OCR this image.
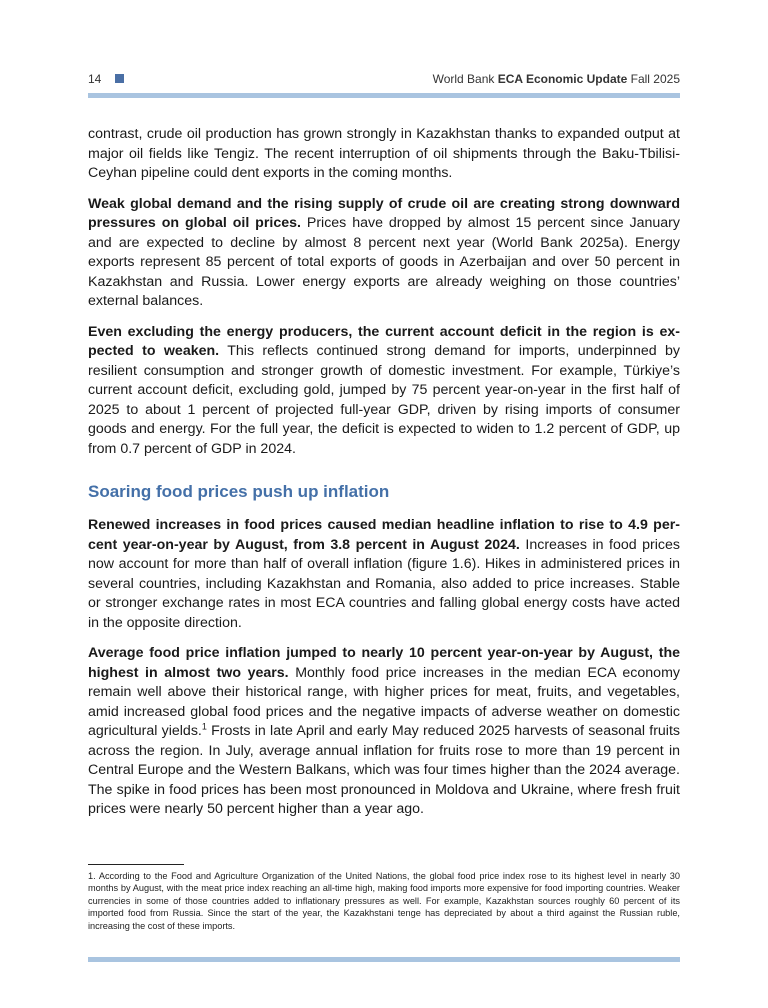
14	World Bank ECA Economic Update Fall 2025

contrast, crude oil production has grown strongly in Kazakhstan thanks to expanded output at major oil fields like Tengiz. The recent interruption of oil shipments through the Baku-Tbilisi-Ceyhan pipeline could dent exports in the coming months.

Weak global demand and the rising supply of crude oil are creating strong downward pressures on global oil prices. Prices have dropped by almost 15 percent since January and are expected to decline by almost 8 percent next year (World Bank 2025a). Energy exports represent 85 percent of total exports of goods in Azerbaijan and over 50 percent in Kazakhstan and Russia. Lower energy exports are already weighing on those countries’ external balances.

Even excluding the energy producers, the current account deficit in the region is expected to weaken. This reflects continued strong demand for imports, underpinned by resilient consumption and stronger growth of domestic investment. For example, Türkiye’s current account deficit, excluding gold, jumped by 75 percent year-on-year in the first half of 2025 to about 1 percent of projected full-year GDP, driven by rising imports of consumer goods and energy. For the full year, the deficit is expected to widen to 1.2 percent of GDP, up from 0.7 percent of GDP in 2024.

Soaring food prices push up inflation

Renewed increases in food prices caused median headline inflation to rise to 4.9 percent year-on-year by August, from 3.8 percent in August 2024. Increases in food prices now account for more than half of overall inflation (figure 1.6). Hikes in administered prices in several countries, including Kazakhstan and Romania, also added to price increases. Stable or stronger exchange rates in most ECA countries and falling global energy costs have acted in the opposite direction.

Average food price inflation jumped to nearly 10 percent year-on-year by August, the highest in almost two years. Monthly food price increases in the median ECA economy remain well above their historical range, with higher prices for meat, fruits, and vegetables, amid increased global food prices and the negative impacts of adverse weather on domestic agricultural yields.$^1$ Frosts in late April and early May reduced 2025 harvests of seasonal fruits across the region. In July, average annual inflation for fruits rose to more than 19 percent in Central Europe and the Western Balkans, which was four times higher than the 2024 average. The spike in food prices has been most pronounced in Moldova and Ukraine, where fresh fruit prices were nearly 50 percent higher than a year ago.

1. According to the Food and Agriculture Organization of the United Nations, the global food price index rose to its highest level in nearly 30 months by August, with the meat price index reaching an all-time high, making food imports more expensive for food importing countries. Weaker currencies in some of those countries added to inflationary pressures as well. For example, Kazakhstan sources roughly 60 percent of its imported food from Russia. Since the start of the year, the Kazakhstani tenge has depreciated by about a third against the Russian ruble, increasing the cost of these imports.
